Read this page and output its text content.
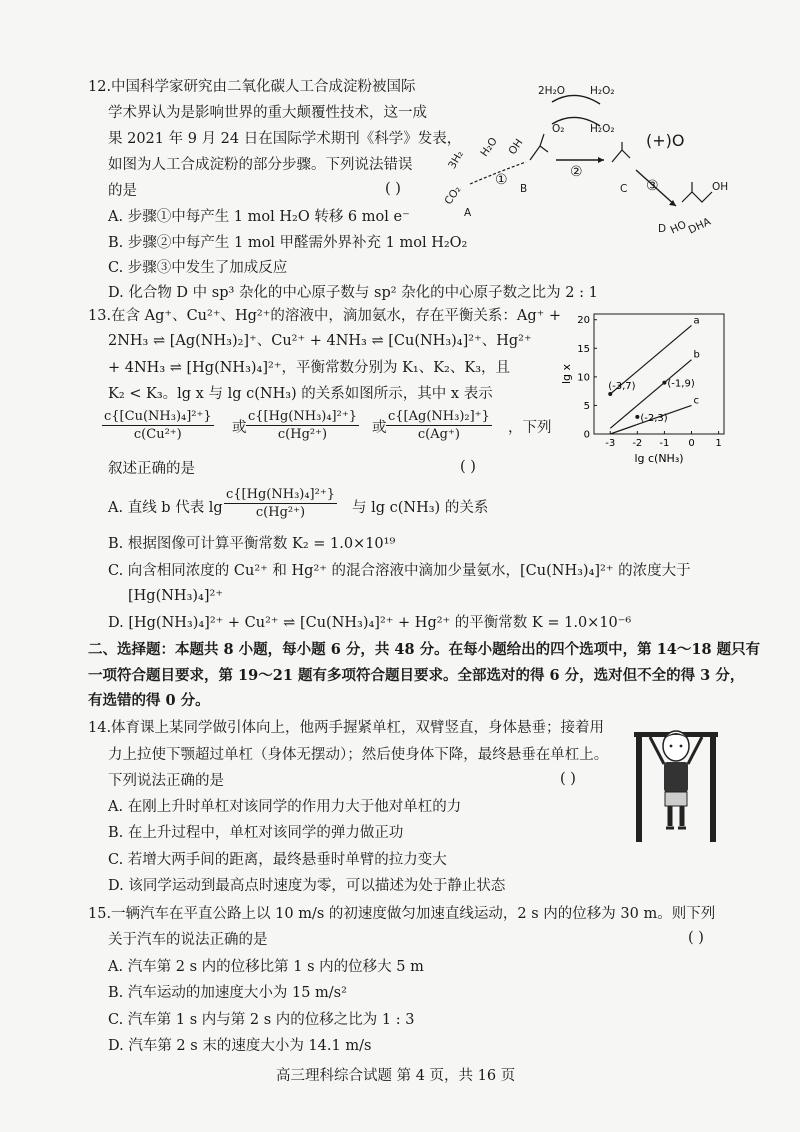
12.中国科学家研究由二氧化碳人工合成淀粉被国际
学术界认为是影响世界的重大颠覆性技术，这一成
果 2021 年 9 月 24 日在国际学术期刊《科学》发表，
如图为人工合成淀粉的部分步骤。下列说法错误
的是	( )
A. 步骤①中每产生 1 mol H₂O 转移 6 mol e⁻
B. 步骤②中每产生 1 mol 甲醛需外界补充 1 mol H₂O₂
C. 步骤③中发生了加成反应
D. 化合物 D 中 sp³ 杂化的中心原子数与 sp² 杂化的中心原子数之比为 2 : 1
2H₂O H₂O₂
O₂ H₂O₂
3H₂
H₂O
CO₂
A
①
OH
B
②
C
(+)O
③	OH
D HO
DHA
13.在含 Ag⁺、Cu²⁺、Hg²⁺的溶液中，滴加氨水，存在平衡关系：Ag⁺ +
2NH₃ ⇌ [Ag(NH₃)₂]⁺、Cu²⁺ + 4NH₃ ⇌ [Cu(NH₃)₄]²⁺、Hg²⁺
+ 4NH₃ ⇌ [Hg(NH₃)₄]²⁺，平衡常数分别为 K₁、K₂、K₃，且
K₂ < K₃。lg x 与 lg c(NH₃) 的关系如图所示，其中 x 表示
$\frac{\text{c\{[Cu(NH₃)₄]²⁺\}}}{\text{c(Cu²⁺)}}$ 或 $\frac{\text{c\{[Hg(NH₃)₄]²⁺\}}}{\text{c(Hg²⁺)}}$ 或 $\frac{\text{c\{[Ag(NH₃)₂]⁺\}}}{c(Ag^+)}$ ，下列
叙述正确的是	( )
A. 直线 b 代表 $\lg \frac{\text{c\{[Hg(NH₃)₄]²⁺\}}}{\text{c(Hg²⁺)}}$ 与 lg c(NH₃) 的关系
B. 根据图像可计算平衡常数 K₂ = 1.0×10¹⁹
C. 向含相同浓度的 Cu²⁺ 和 Hg²⁺ 的混合溶液中滴加少量氨水，[Cu(NH₃)₄]²⁺ 的浓度大于
[Hg(NH₃)₄]²⁺
D. [Hg(NH₃)₄]²⁺ + Cu²⁺ ⇌ [Cu(NH₃)₄]²⁺ + Hg²⁺ 的平衡常数 K = 1.0×10⁻⁶
-3 -2 -1 0 1
0
5
10
15
20
lg c(NH₃)
lg x
a
b
c
(-3,7)	(-1,9)
(-2,3)
二、选择题：本题共 8 小题，每小题 6 分，共 48 分。在每小题给出的四个选项中，第 14～18 题只有
一项符合题目要求，第 19～21 题有多项符合题目要求。全部选对的得 6 分，选对但不全的得 3 分，
有选错的得 0 分。
14.体育课上某同学做引体向上，他两手握紧单杠，双臂竖直，身体悬垂；接着用
力上拉使下颚超过单杠（身体无摆动）；然后使身体下降，最终悬垂在单杠上。
下列说法正确的是	( )
A. 在刚上升时单杠对该同学的作用力大于他对单杠的力
B. 在上升过程中，单杠对该同学的弹力做正功
C. 若增大两手间的距离，最终悬垂时单臂的拉力变大
D. 该同学运动到最高点时速度为零，可以描述为处于静止状态
15.一辆汽车在平直公路上以 10 m/s 的初速度做匀加速直线运动，2 s 内的位移为 30 m。则下列
关于汽车的说法正确的是	( )
A. 汽车第 2 s 内的位移比第 1 s 内的位移大 5 m
B. 汽车运动的加速度大小为 15 m/s²
C. 汽车第 1 s 内与第 2 s 内的位移之比为 1 : 3
D. 汽车第 2 s 末的速度大小为 14.1 m/s
高三理科综合试题 第 4 页，共 16 页
